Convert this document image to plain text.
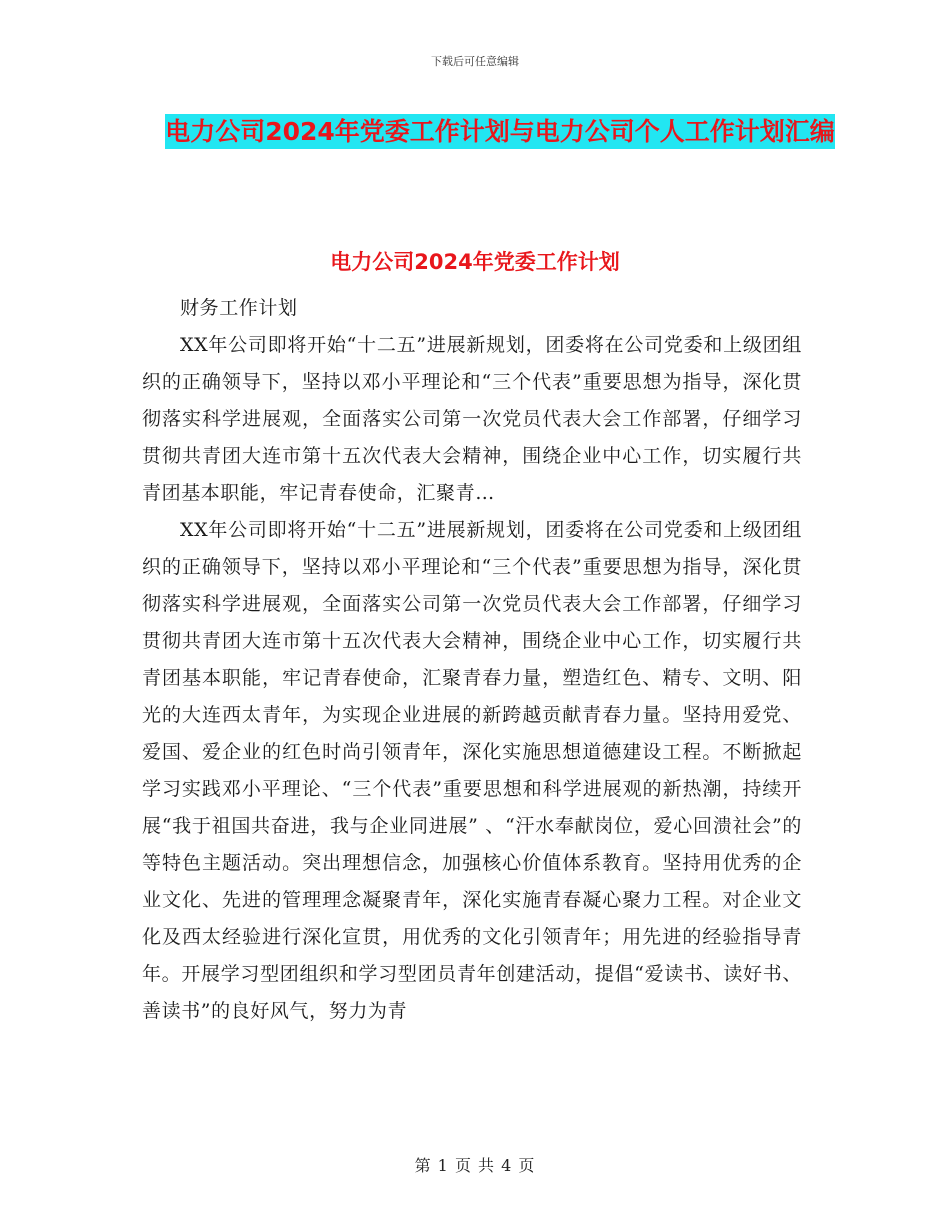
下载后可任意编辑
电力公司2024年党委工作计划与电力公司个人工作计划汇编
电力公司2024年党委工作计划

财务工作计划

XX年公司即将开始“十二五”进展新规划，团委将在公司党委和上级团组织的正确领导下，坚持以邓小平理论和“三个代表”重要思想为指导，深化贯彻落实科学进展观，全面落实公司第一次党员代表大会工作部署，仔细学习贯彻共青团大连市第十五次代表大会精神，围绕企业中心工作，切实履行共青团基本职能，牢记青春使命，汇聚青…

XX年公司即将开始“十二五”进展新规划，团委将在公司党委和上级团组织的正确领导下，坚持以邓小平理论和“三个代表”重要思想为指导，深化贯彻落实科学进展观，全面落实公司第一次党员代表大会工作部署，仔细学习贯彻共青团大连市第十五次代表大会精神，围绕企业中心工作，切实履行共青团基本职能，牢记青春使命，汇聚青春力量，塑造红色、精专、文明、阳光的大连西太青年，为实现企业进展的新跨越贡献青春力量。坚持用爱党、爱国、爱企业的红色时尚引领青年，深化实施思想道德建设工程。不断掀起学习实践邓小平理论、“三个代表”重要思想和科学进展观的新热潮，持续开展“我于祖国共奋进，我与企业同进展” 、“汗水奉献岗位，爱心回溃社会”的等特色主题活动。突出理想信念，加强核心价值体系教育。坚持用优秀的企业文化、先进的管理理念凝聚青年，深化实施青春凝心聚力工程。对企业文化及西太经验进行深化宣贯，用优秀的文化引领青年；用先进的经验指导青年。开展学习型团组织和学习型团员青年创建活动，提倡“爱读书、读好书、善读书”的良好风气，努力为青

第 1 页 共 4 页
